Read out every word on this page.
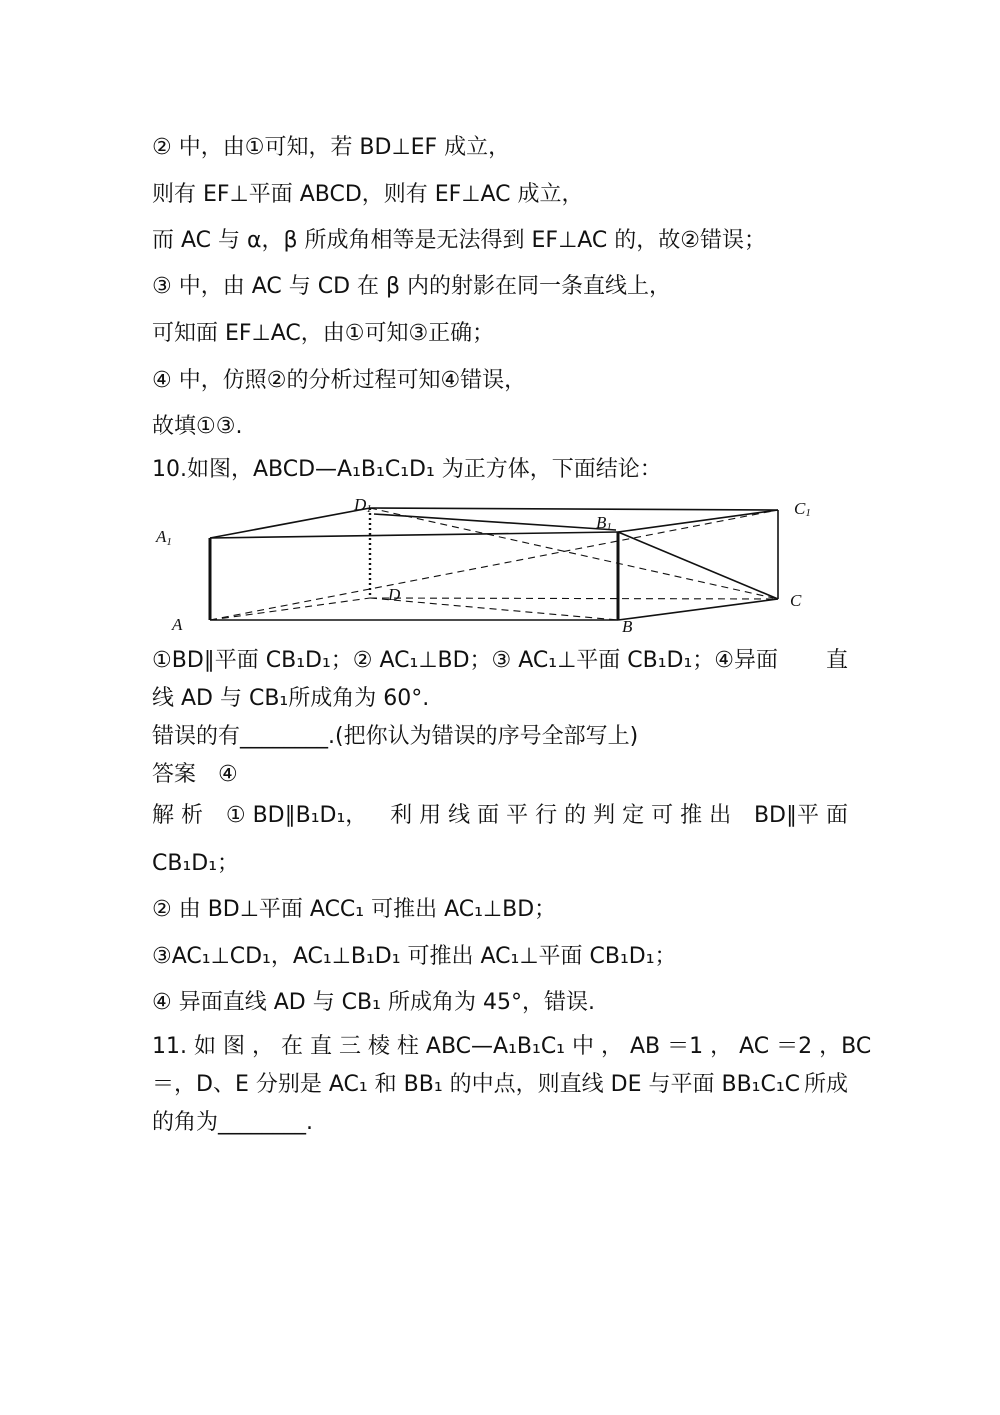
② 中，由①可知，若 BD⊥EF 成立，
则有 EF⊥平面 ABCD，则有 EF⊥AC 成立，
而 AC 与 α，β 所成角相等是无法得到 EF⊥AC 的，故②错误；
③ 中，由 AC 与 CD 在 β 内的射影在同一条直线上，
可知面 EF⊥AC，由①可知③正确；
④ 中，仿照②的分析过程可知④错误，
故填①③.
10.如图，ABCD—A₁B₁C₁D₁ 为正方体，下面结论：
A1
A
D1
D
B1
B
C1
C
①BD∥平面 CB₁D₁；② AC₁⊥BD；③ AC₁⊥平面 CB₁D₁；④异面 直
线 AD 与 CB₁所成角为 60°.
错误的有________.(把你认为错误的序号全部写上)
答案　④
解 析 ① BD∥B₁D₁， 利 用 线 面 平 行 的 判 定 可 推 出 BD∥平 面
CB₁D₁；
② 由 BD⊥平面 ACC₁ 可推出 AC₁⊥BD；
③AC₁⊥CD₁，AC₁⊥B₁D₁ 可推出 AC₁⊥平面 CB₁D₁；
④ 异面直线 AD 与 CB₁ 所成角为 45°，错误.
11. 如 图 ， 在 直 三 棱 柱 ABC—A₁B₁C₁ 中 ， AB ＝1 ， AC ＝2 ， BC
＝，D、E 分别是 AC₁ 和 BB₁ 的中点，则直线 DE 与平面 BB₁C₁C 所成
的角为________.
